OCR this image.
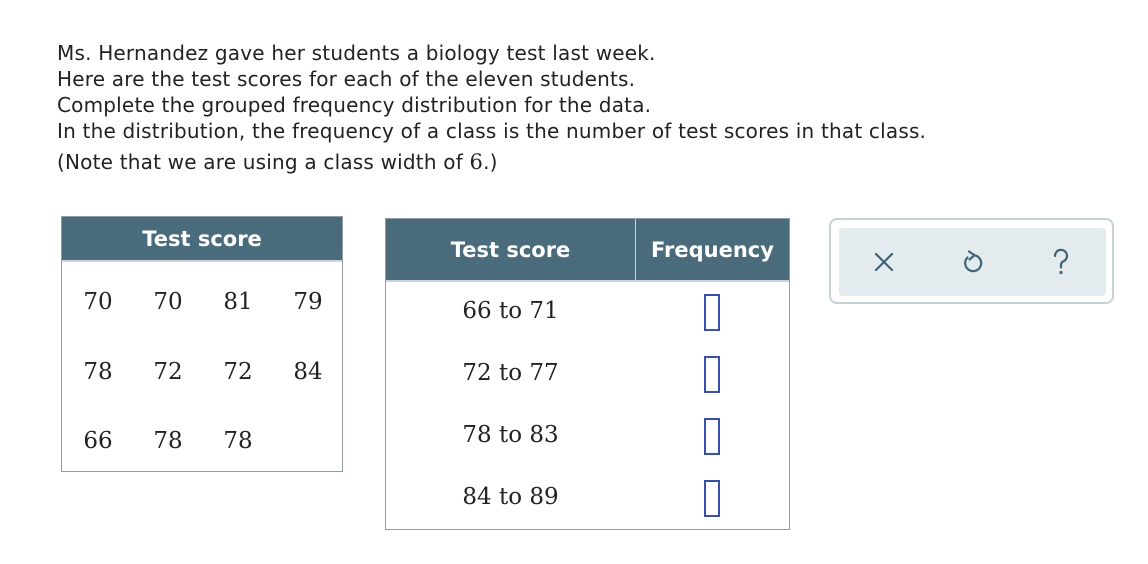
Ms. Hernandez gave her students a biology test last week.
Here are the test scores for each of the eleven students.
Complete the grouped frequency distribution for the data.
In the distribution, the frequency of a class is the number of test scores in that class.
(Note that we are using a class width of 6.)
Test score
70	70	81	79
78	72	72	84
66	78	78
Test score	Frequency
66 to 71
72 to 77
78 to 83
84 to 89
